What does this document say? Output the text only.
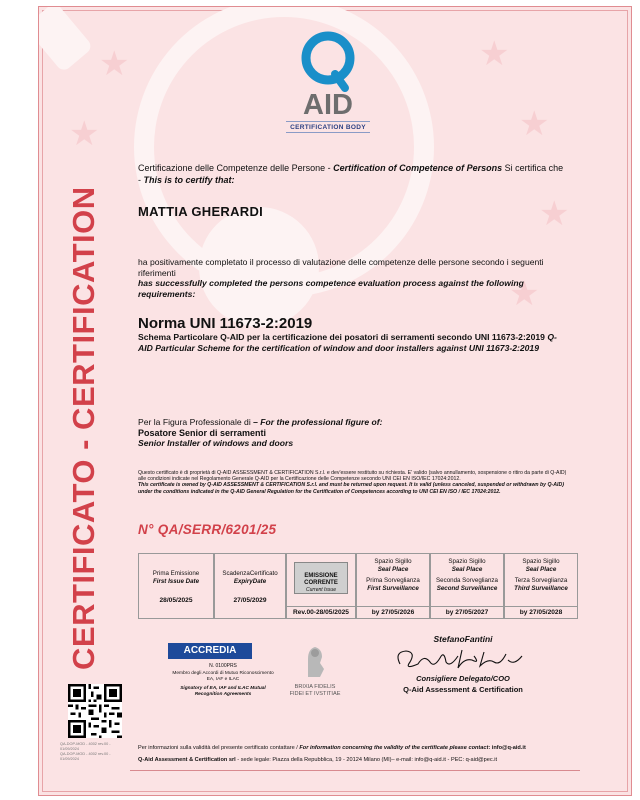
★
★
★
★
★
★
CERTIFICATO - CERTIFICATION
AID
CERTIFICATION BODY
Certificazione delle Competenze delle Persone - Certification of Competence of Persons Si certifica che - This is to certify that:
MATTIA GHERARDI
ha positivamente completato il processo di valutazione delle competenze delle persone secondo i seguenti riferimenti
has successfully completed the persons competence evaluation process against the following
requirements:
Norma UNI 11673-2:2019
Schema Particolare Q-AID per la certificazione dei posatori di serramenti secondo UNI 11673-2:2019 Q-AID Particular Scheme for the certification of window and door installers against UNI 11673-2:2019
Per la Figura Professionale di – For the professional figure of:
Posatore Senior di serramenti
Senior Installer of windows and doors
Questo certificato è di proprietà di Q-AID ASSESSMENT & CERTIFICATION S.r.l. e dev'essere restituito su richiesta. E' valido (salvo annullamento, sospensione o ritiro da parte di Q-AID) alle condizioni indicate nel Regolamento Generale Q-AID per la Certificazione delle Competenze secondo UNI CEI EN ISO/IEC 17024:2012.
This certificate is owned by Q-AID ASSESSMENT & CERTIFICATION S.r.l. and must be returned upon request. It is valid (unless canceled, suspended or withdrawn by Q-AID) under the conditions indicated in the Q-AID General Regulation for the Certification of Competences according to UNI CEI EN ISO / IEC 17024:2012.
N° QA/SERR/6201/25
Prima Emissione
First Issue Date
28/05/2025
ScadenzaCertificato
ExpiryDate
27/05/2029
EMISSIONE
CORRENTE
Current Issue
Rev.00-28/05/2025
Spazio Sigillo
Seal Place
Prima Sorveglianza
First Surveillance
by 27/05/2026
Spazio Sigillo
Seal Place
Seconda Sorveglianza
Second Surveillance
by 27/05/2027
Spazio Sigillo
Seal Place
Terza Sorveglianza
Third Surveillance
by 27/05/2028
ACCREDIA
N. 0100PRS
Membro degli Accordi di Mutuo Riconoscimento EA, IAF e ILAC
Signatory of EA, IAF and ILAC Mutual Recognition Agreements
BRIXIA FIDELIS
FIDEI ET IVSTITIAE
StefanoFantini
Consigliere Delegato/COO
Q-Aid Assessment & Certification
QA-DOP-MOD - 4002 rev.00 - 01/09/2024
QA-DOP-MOD - 4002 rev.00 - 01/09/2024
Per informazioni sulla validità del presente certificato contattare / For information concerning the validity of the certificate please contact: info@q-aid.it
Q-Aid Assessment & Certification srl - sede legale: Piazza della Repubblica, 19 - 20124 Milano (MI)– e-mail: info@q-aid.it - PEC: q-aid@pec.it
